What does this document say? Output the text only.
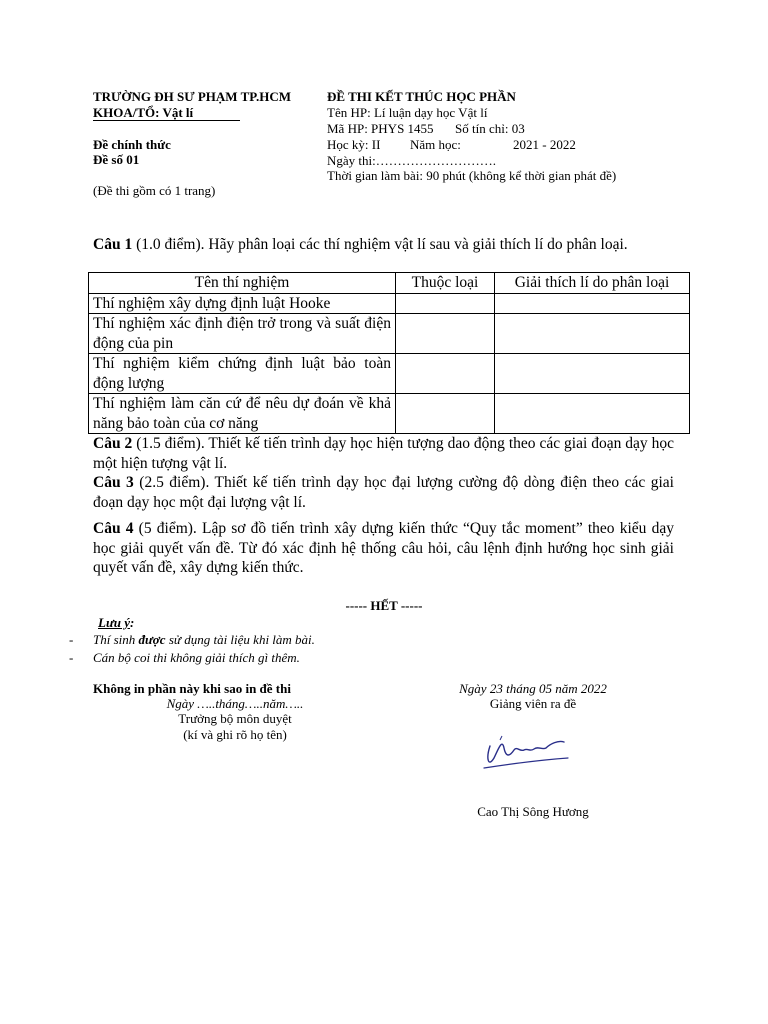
TRƯỜNG ĐH SƯ PHẠM TP.HCM
KHOA/TỔ: Vật lí
Đề chính thức
Đề số 01
(Đề thi gồm có 1 trang)
ĐỀ THI KẾT THÚC HỌC PHẦN
Tên HP: Lí luận dạy học Vật lí
Mã HP: PHYS 1455 Số tín chỉ: 03
Học kỳ: II Năm học:	2021 - 2022
Ngày thi:……………………….
Thời gian làm bài: 90 phút (không kể thời gian phát đề)
Câu 1 (1.0 điểm). Hãy phân loại các thí nghiệm vật lí sau và giải thích lí do phân loại.
Tên thí nghiệm	Thuộc loại	Giải thích lí do phân loại
Thí nghiệm xây dựng định luật Hooke		
Thí nghiệm xác định điện trở trong và suất điện động của pin		
Thí nghiệm kiểm chứng định luật bảo toàn động lượng		
Thí nghiệm làm căn cứ để nêu dự đoán về khả năng bảo toàn của cơ năng		
Câu 2 (1.5 điểm). Thiết kế tiến trình dạy học hiện tượng dao động theo các giai đoạn dạy học một hiện tượng vật lí.
Câu 3 (2.5 điểm). Thiết kế tiến trình dạy học đại lượng cường độ dòng điện theo các giai đoạn dạy học một đại lượng vật lí.
Câu 4 (5 điểm). Lập sơ đồ tiến trình xây dựng kiến thức “Quy tắc moment” theo kiểu dạy học giải quyết vấn đề. Từ đó xác định hệ thống câu hỏi, câu lệnh định hướng học sinh giải quyết vấn đề, xây dựng kiến thức.
----- HẾT -----
Lưu ý:
- Thí sinh được sử dụng tài liệu khi làm bài.
- Cán bộ coi thi không giải thích gì thêm.
Không in phần này khi sao in đề thi
Ngày …..tháng…..năm…..
Trưởng bộ môn duyệt
(kí và ghi rõ họ tên)
Ngày 23 tháng 05 năm 2022
Giảng viên ra đề
Cao Thị Sông Hương
